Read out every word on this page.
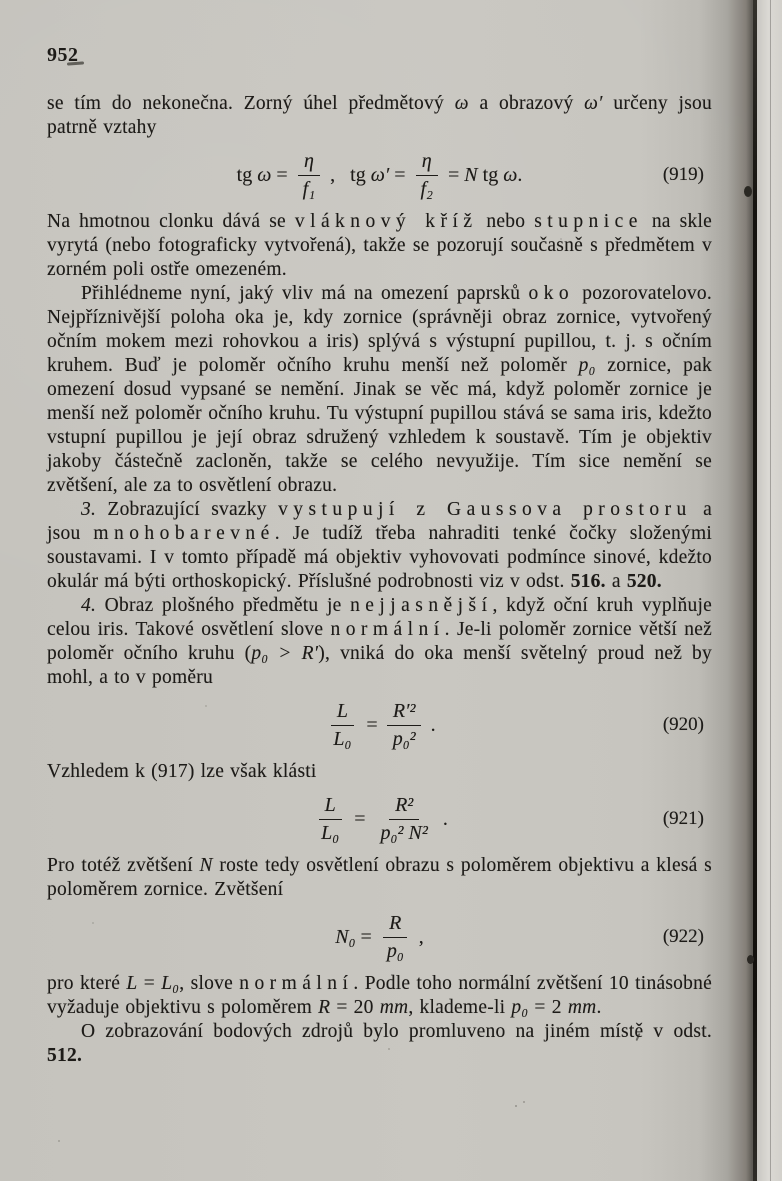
952

se tím do nekonečna. Zorný úhel předmětový ω a obrazový ω′ určeny jsou patrně vztahy

tg $\omega = \frac{\eta}{\text{f₁}}$ ,   tg $\omega' = \frac{\eta}{\text{f₂}} = N$ tg ω .	(919)

Na hmotnou clonku dává se vláknový kříž nebo stupnice na skle vyrytá (nebo fotograficky vytvořená), takže se pozorují současně s předmětem v zorném poli ostře omezeném.

Přihlédneme nyní, jaký vliv má na omezení paprsků oko pozorovatelovo. Nejpříznivější poloha oka je, kdy zornice (správněji obraz zornice, vytvořený očním mokem mezi rohovkou a iris) splývá s výstupní pupillou, t. j. s očním kruhem. Buď je poloměr očního kruhu menší než poloměr p₀ zornice, pak omezení dosud vypsané se nemění. Jinak se věc má, když poloměr zornice je menší než poloměr očního kruhu. Tu výstupní pupillou stává se sama iris, kdežto vstupní pupillou je její obraz sdružený vzhledem k soustavě. Tím je objektiv jakoby částečně zacloněn, takže se celého nevyužije. Tím sice nemění se zvětšení, ale za to osvětlení obrazu.

3. Zobrazující svazky vystupují z Gaussova prostoru a jsou mnohobarevné. Je tudíž třeba nahraditi tenké čočky složenými soustavami. I v tomto případě má objektiv vyhovovati podmínce sinové, kdežto okulár má býti orthoskopický. Příslušné podrobnosti viz v odst. 516. a 520.

4. Obraz plošného předmětu je nejjasnější, když oční kruh vyplňuje celou iris. Takové osvětlení slove normální. Je-li poloměr zornice větší než poloměr očního kruhu (p₀ > R′), vniká do oka menší světelný proud než by mohl, a to v poměru

$\frac{L}{\text{L₀}} = \frac{\text{R′²}}{\text{p₀²}}$ .	(920)

Vzhledem k (917) lze však klásti

$\frac{L}{\text{L₀}} = \frac{\text{R²}}{\text{p₀² N²}}$ .	(921)

Pro totéž zvětšení N roste tedy osvětlení obrazu s poloměrem objektivu a klesá s poloměrem zornice. Zvětšení

$N_0 = \frac{R}{\text{p₀}}$ ,	(922)

pro které L = L₀, slove normální. Podle toho normální zvětšení 10 tinásobné vyžaduje objektivu s poloměrem R = 20 mm, klademe-li p₀ = 2 mm.

O zobrazování bodových zdrojů bylo promluveno na jiném místě v odst. 512.
